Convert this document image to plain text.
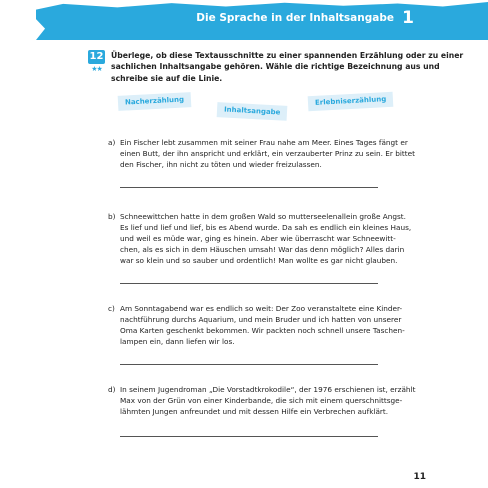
Die Sprache in der Inhaltsangabe 1
12
★★
Überlege, ob diese Textausschnitte zu einer spannenden Erzählung oder zu einer
sachlichen Inhaltsangabe gehören. Wähle die richtige Bezeichnung aus und
schreibe sie auf die Linie.
Nacherzählung
Inhaltsangabe
Erlebniserzählung
a) Ein Fischer lebt zusammen mit seiner Frau nahe am Meer. Eines Tages fängt er
einen Butt, der ihn anspricht und erklärt, ein verzauberter Prinz zu sein. Er bittet
den Fischer, ihn nicht zu töten und wieder freizulassen.
b) Schneewittchen hatte in dem großen Wald so mutterseelenallein große Angst.
Es lief und lief und lief, bis es Abend wurde. Da sah es endlich ein kleines Haus,
und weil es müde war, ging es hinein. Aber wie überrascht war Schneewitt-
chen, als es sich in dem Häuschen umsah! War das denn möglich? Alles darin
war so klein und so sauber und ordentlich! Man wollte es gar nicht glauben.
c) Am Sonntagabend war es endlich so weit: Der Zoo veranstaltete eine Kinder-
nachtführung durchs Aquarium, und mein Bruder und ich hatten von unserer
Oma Karten geschenkt bekommen. Wir packten noch schnell unsere Taschen-
lampen ein, dann liefen wir los.
d) In seinem Jugendroman „Die Vorstadtkrokodile“, der 1976 erschienen ist, erzählt
Max von der Grün von einer Kinderbande, die sich mit einem querschnittsge-
lähmten Jungen anfreundet und mit dessen Hilfe ein Verbrechen aufklärt.
11
